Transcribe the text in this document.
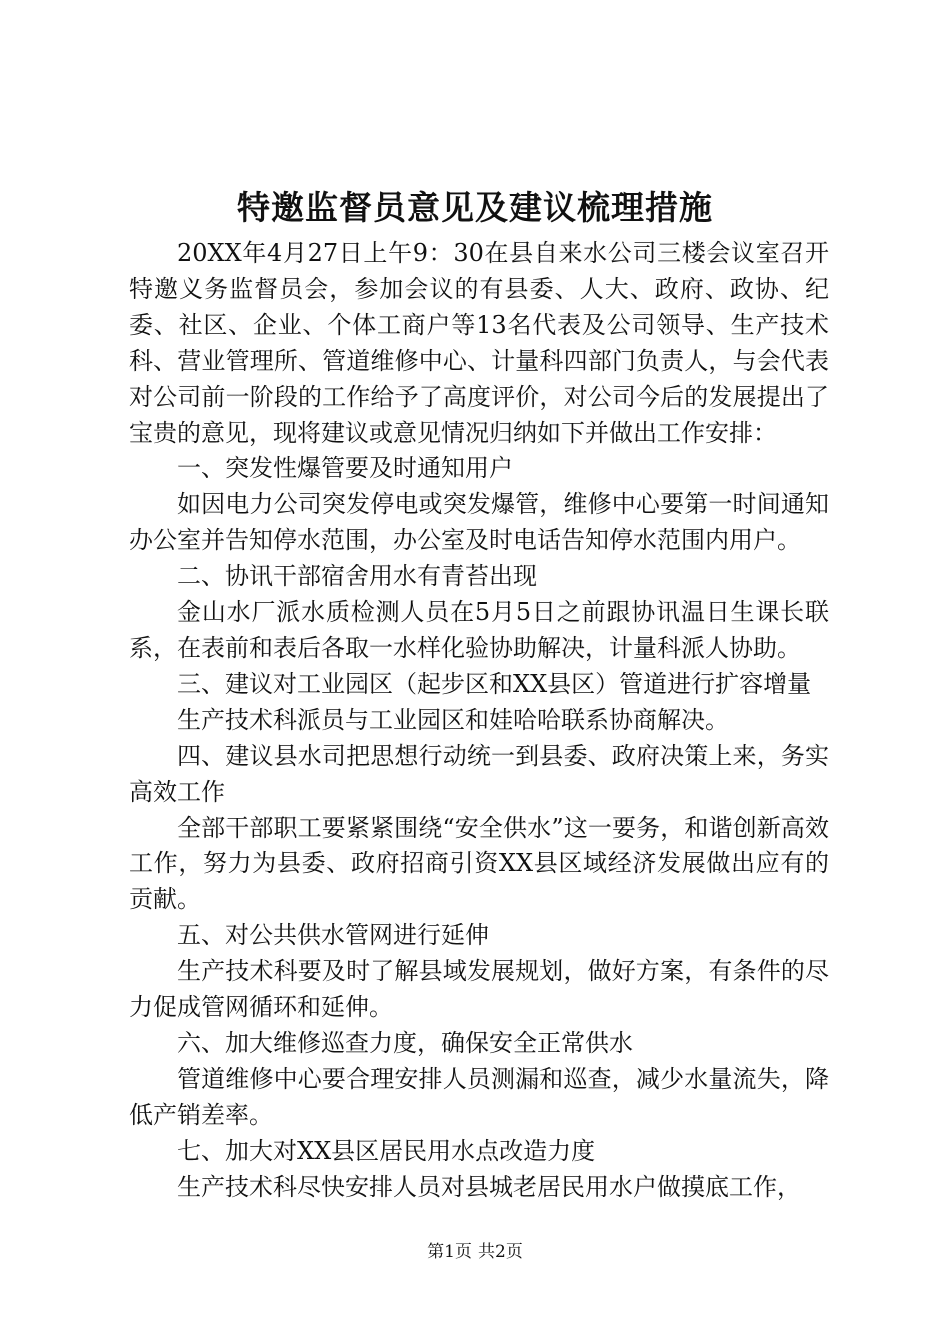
特邀监督员意见及建议梳理措施

20XX年4月27日上午9：30在县自来水公司三楼会议室召开特邀义务监督员会，参加会议的有县委、人大、政府、政协、纪委、社区、企业、个体工商户等13名代表及公司领导、生产技术科、营业管理所、管道维修中心、计量科四部门负责人，与会代表对公司前一阶段的工作给予了高度评价，对公司今后的发展提出了宝贵的意见，现将建议或意见情况归纳如下并做出工作安排：

一、突发性爆管要及时通知用户

如因电力公司突发停电或突发爆管，维修中心要第一时间通知办公室并告知停水范围，办公室及时电话告知停水范围内用户。

二、协讯干部宿舍用水有青苔出现

金山水厂派水质检测人员在5月5日之前跟协讯温日生课长联系，在表前和表后各取一水样化验协助解决，计量科派人协助。

三、建议对工业园区（起步区和XX县区）管道进行扩容增量

生产技术科派员与工业园区和娃哈哈联系协商解决。

四、建议县水司把思想行动统一到县委、政府决策上来，务实高效工作

全部干部职工要紧紧围绕“安全供水”这一要务，和谐创新高效工作，努力为县委、政府招商引资XX县区域经济发展做出应有的贡献。

五、对公共供水管网进行延伸

生产技术科要及时了解县域发展规划，做好方案，有条件的尽力促成管网循环和延伸。

六、加大维修巡查力度，确保安全正常供水

管道维修中心要合理安排人员测漏和巡查，减少水量流失，降低产销差率。

七、加大对XX县区居民用水点改造力度

生产技术科尽快安排人员对县城老居民用水户做摸底工作，

第1页 共2页
